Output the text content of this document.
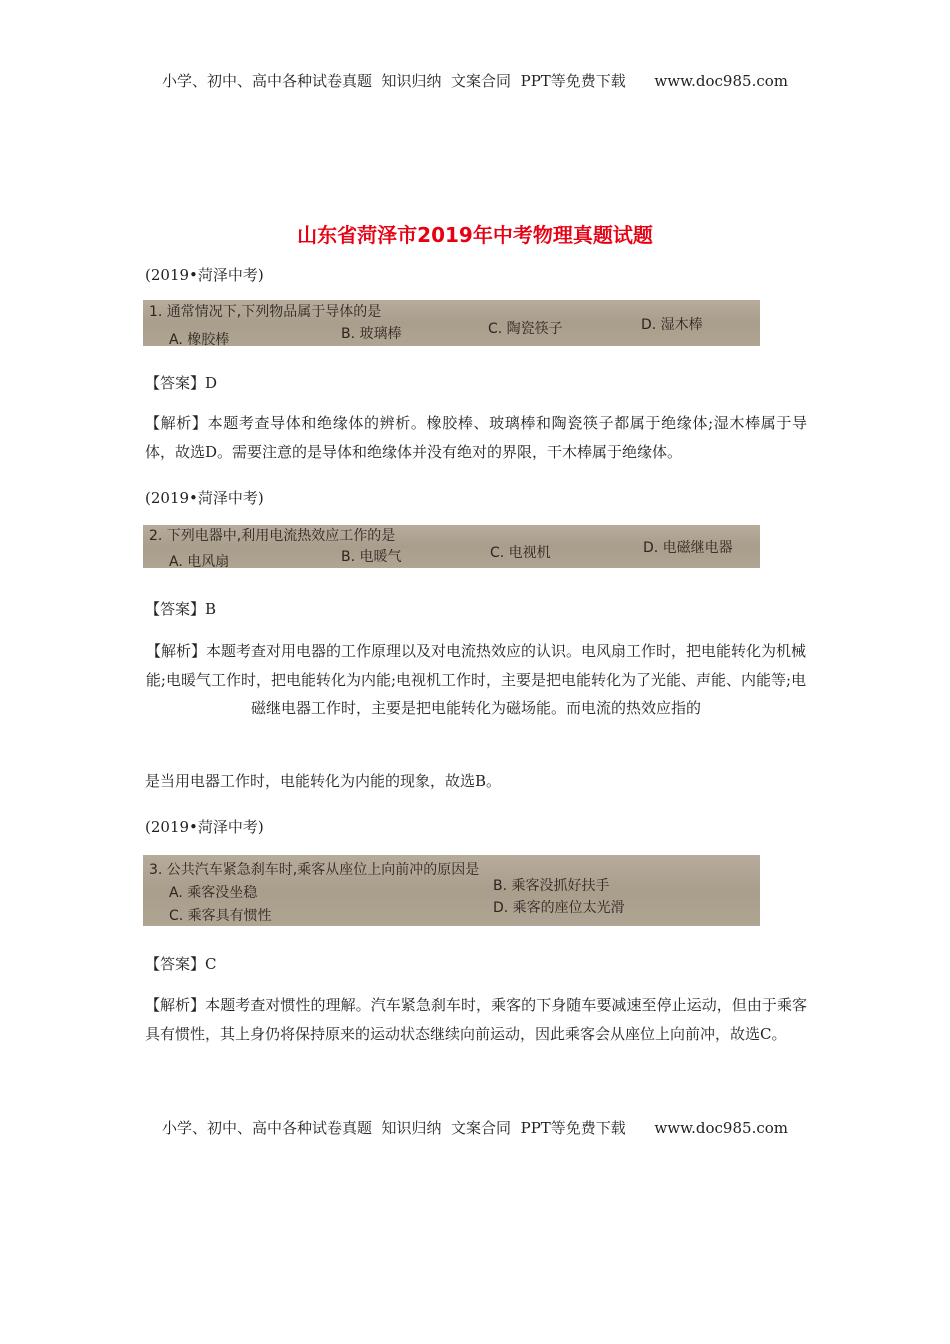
小学、初中、高中各种试卷真题  知识归纳  文案合同  PPT等免费下载      www.doc985.com
山东省菏泽市2019年中考物理真题试题
(2019•菏泽中考)
1. 通常情况下,下列物品属于导体的是
C. 陶瓷筷子	D. 湿木棒
A. 橡胶棒	B. 玻璃棒
【答案】D
【解析】本题考查导体和绝缘体的辨析。橡胶棒、玻璃棒和陶瓷筷子都属于绝缘体;湿木棒属于导体，故选D。需要注意的是导体和绝缘体并没有绝对的界限，干木棒属于绝缘体。
(2019•菏泽中考)
2. 下列电器中,利用电流热效应工作的是
A. 电风扇	B. 电暖气	C. 电视机	D. 电磁继电器
【答案】B
【解析】本题考查对用电器的工作原理以及对电流热效应的认识。电风扇工作时，把电能转化为机械能;电暖气工作时，把电能转化为内能;电视机工作时，主要是把电能转化为了光能、声能、内能等;电磁继电器工作时，主要是把电能转化为磁场能。而电流的热效应指的
是当用电器工作时，电能转化为内能的现象，故选B。
(2019•菏泽中考)
3. 公共汽车紧急刹车时,乘客从座位上向前冲的原因是
A. 乘客没坐稳	B. 乘客没抓好扶手
C. 乘客具有惯性	D. 乘客的座位太光滑
【答案】C
【解析】本题考查对惯性的理解。汽车紧急刹车时，乘客的下身随车要减速至停止运动，但由于乘客具有惯性，其上身仍将保持原来的运动状态继续向前运动，因此乘客会从座位上向前冲，故选C。
小学、初中、高中各种试卷真题  知识归纳  文案合同  PPT等免费下载      www.doc985.com
